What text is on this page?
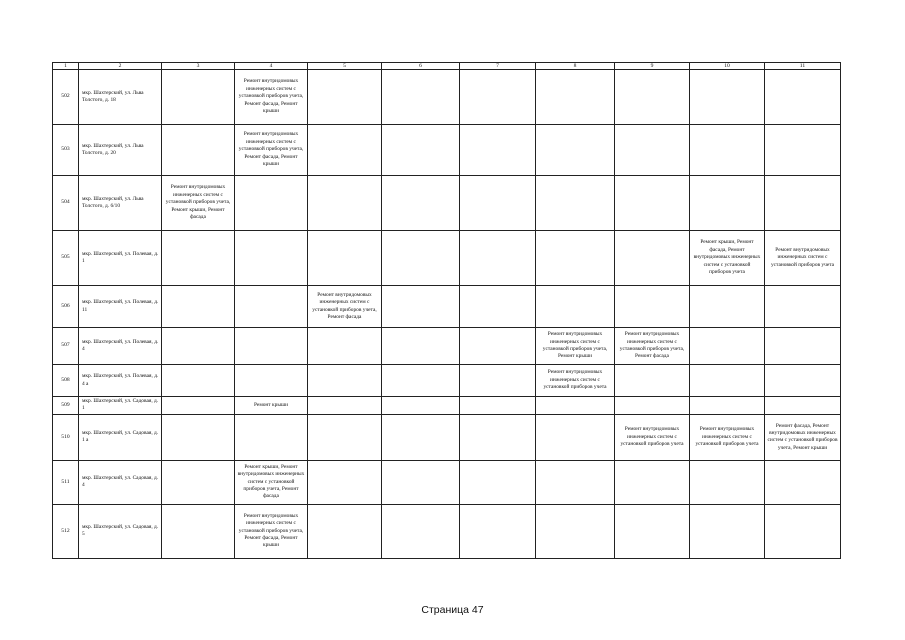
1	2	3	4	5	6	7	8	9	10	11
502	мкр. Шахтерский, ул. Льва Толстого, д. 18		Ремонт внутридомовых инженерных систем с установкой приборов учета, Ремонт фасада, Ремонт крыши							
503	мкр. Шахтерский, ул. Льва Толстого, д. 20		Ремонт внутридомовых инженерных систем с установкой приборов учета, Ремонт фасада, Ремонт крыши							
504	мкр. Шахтерский, ул. Льва Толстого, д. 6/10	Ремонт внутридомовых инженерных систем с установкой приборов учета, Ремонт крыши, Ремонт фасада								
505	мкр. Шахтерский, ул. Полевая, д. 1								Ремонт крыши, Ремонт фасада, Ремонт внутридомовых инженерных систем с установкой приборов учета	Ремонт внутридомовых инженерных систем с установкой приборов учета
506	мкр. Шахтерский, ул. Полевая, д. 11			Ремонт внутридомовых инженерных систем с установкой приборов учета, Ремонт фасада						
507	мкр. Шахтерский, ул. Полевая, д. 4						Ремонт внутридомовых инженерных систем с установкой приборов учета, Ремонт крыши	Ремонт внутридомовых инженерных систем с установкой приборов учета, Ремонт фасада		
508	мкр. Шахтерский, ул. Полевая, д. 4 а						Ремонт внутридомовых инженерных систем с установкой приборов учета			
509	мкр. Шахтерский, ул. Садовая, д. 1		Ремонт крыши							
510	мкр. Шахтерский, ул. Садовая, д. 1 а							Ремонт внутридомовых инженерных систем с установкой приборов учета	Ремонт внутридомовых инженерных систем с установкой приборов учета	Ремонт фасада, Ремонт внутридомовых инженерных систем с установкой приборов учета, Ремонт крыши
511	мкр. Шахтерский, ул. Садовая, д. 4		Ремонт крыши, Ремонт внутридомовых инженерных систем с установкой приборов учета, Ремонт фасада							
512	мкр. Шахтерский, ул. Садовая, д. 5		Ремонт внутридомовых инженерных систем с установкой приборов учета, Ремонт фасада, Ремонт крыши							
Страница 47
